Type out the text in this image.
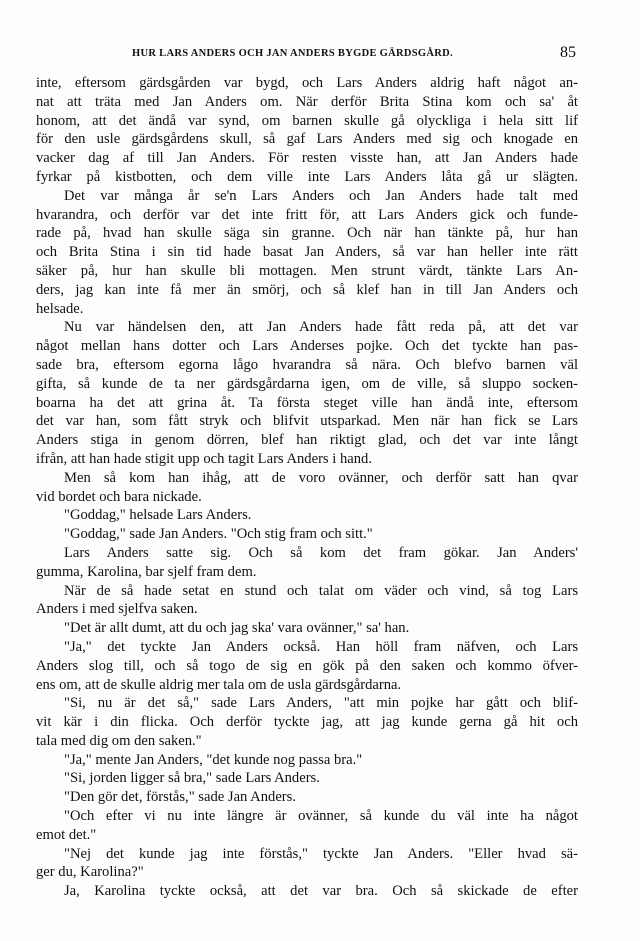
HUR LARS ANDERS OCH JAN ANDERS BYGDE GÄRDSGÅRD.	85
inte, eftersom gärdsgården var bygd, och Lars Anders aldrig haft något an-
nat att träta med Jan Anders om. När derför Brita Stina kom och sa' åt
honom, att det ändå var synd, om barnen skulle gå olyckliga i hela sitt lif
för den usle gärdsgårdens skull, så gaf Lars Anders med sig och knogade en
vacker dag af till Jan Anders. För resten visste han, att Jan Anders hade
fyrkar på kistbotten, och dem ville inte Lars Anders låta gå ur slägten.
Det var många år se'n Lars Anders och Jan Anders hade talt med
hvarandra, och derför var det inte fritt för, att Lars Anders gick och funde-
rade på, hvad han skulle säga sin granne. Och när han tänkte på, hur han
och Brita Stina i sin tid hade basat Jan Anders, så var han heller inte rätt
säker på, hur han skulle bli mottagen. Men strunt värdt, tänkte Lars An-
ders, jag kan inte få mer än smörj, och så klef han in till Jan Anders och
helsade.
Nu var händelsen den, att Jan Anders hade fått reda på, att det var
något mellan hans dotter och Lars Anderses pojke. Och det tyckte han pas-
sade bra, eftersom egorna lågo hvarandra så nära. Och blefvo barnen väl
gifta, så kunde de ta ner gärdsgårdarna igen, om de ville, så sluppo socken-
boarna ha det att grina åt. Ta första steget ville han ändå inte, eftersom
det var han, som fått stryk och blifvit utsparkad. Men när han fick se Lars
Anders stiga in genom dörren, blef han riktigt glad, och det var inte långt
ifrån, att han hade stigit upp och tagit Lars Anders i hand.
Men så kom han ihåg, att de voro ovänner, och derför satt han qvar
vid bordet och bara nickade.
"Goddag," helsade Lars Anders.
"Goddag," sade Jan Anders. "Och stig fram och sitt."
Lars Anders satte sig. Och så kom det fram gökar. Jan Anders'
gumma, Karolina, bar sjelf fram dem.
När de så hade setat en stund och talat om väder och vind, så tog Lars
Anders i med sjelfva saken.
"Det är allt dumt, att du och jag ska' vara ovänner," sa' han.
"Ja," det tyckte Jan Anders också. Han höll fram näfven, och Lars
Anders slog till, och så togo de sig en gök på den saken och kommo öfver-
ens om, att de skulle aldrig mer tala om de usla gärdsgårdarna.
"Si, nu är det så," sade Lars Anders, "att min pojke har gått och blif-
vit kär i din flicka. Och derför tyckte jag, att jag kunde gerna gå hit och
tala med dig om den saken."
"Ja," mente Jan Anders, "det kunde nog passa bra."
"Si, jorden ligger så bra," sade Lars Anders.
"Den gör det, förstås," sade Jan Anders.
"Och efter vi nu inte längre är ovänner, så kunde du väl inte ha något
emot det."
"Nej det kunde jag inte förstås," tyckte Jan Anders. "Eller hvad sä-
ger du, Karolina?"
Ja, Karolina tyckte också, att det var bra. Och så skickade de efter
